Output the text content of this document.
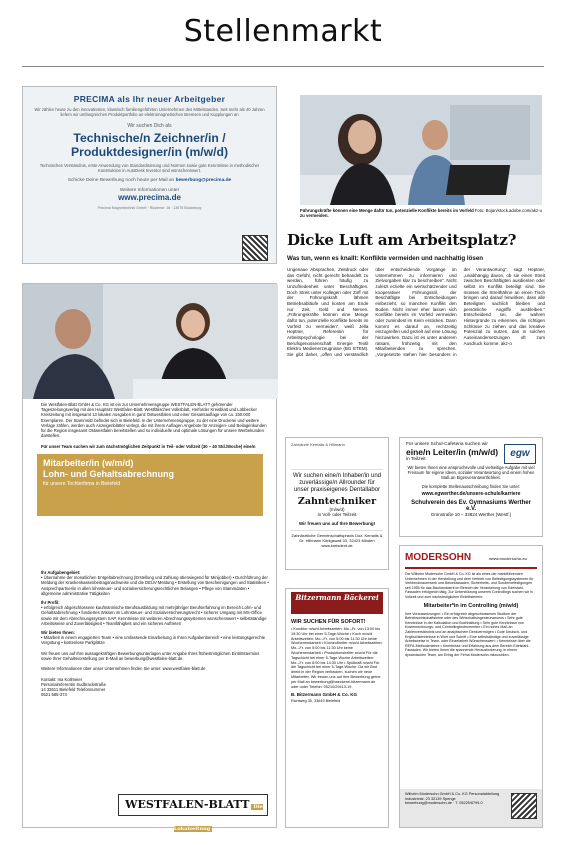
Stellenmarkt
PRECIMA als Ihr neuer Arbeitgeber
Wir zählen heute zu den innovativsten, klassisch familiengeführten Unternehmen des Mittelstandes. Seit mehr als 40 Jahren liefern wir umfangreiches Produktportfolio an elektromagnetischen Bremsen und Kupplungen an
Wir suchen Dich als
Technische/n Zeichner/in / Produktdesigner/in (m/w/d)
Technisches Verständnis, erste Anwendung von Standardisierung und Normen sowie gute Kenntnisse in methodischer Konstruktion in AutoDesk Inventor sind wünschenswert.
Schicke Deine Bewerbung noch heute per Mail an bewerbung@precima.de
Weitere Informationen unter
www.precima.de
Precima Magnettechnik GmbH · Rüsterstr. 16 · 13675 Bückeburg	Foto: Bojan/stock.adobe.com/akz-o
Führungskräfte können eine Menge dafür tun, potenzielle Konflikte bereits im Vorfeld zu vermeiden.
Dicke Luft am Arbeitsplatz?
Was tun, wenn es knallt: Konflikte vermeiden und nachhaltig lösen
Ungenaue Absprachen, Zeitdruck oder das Gefühl, nicht gerecht behandelt zu werden, führen häufig zu Unzufriedenheit unter Beschäftigten. Doch Streit unter Kollegen oder Zoff mit der Führungskraft lähmen Betriebsabläufe und kosten am Ende nur Zeit, Geld und Nerven. „Führungskräfte können eine Menge dafür tun, potenzielle Konflikte bereits im Vorfeld zu vermeiden“, weiß Jella Heptner, Referentin für Arbeitspsychologie bei der Berufsgenossenschaft Energie Textil Elektro Medienerzeugnisse (BG ETEM). Sie gibt daher, „offen und verständlich über entscheidende Vorgänge im Unternehmen zu informieren und Zielvorgaben klar zu beschreiben“. Nicht zuletzt erzielte ein wertschätzender und kooperativer Führungsstil, der Beschäftigte bei Entscheidungen einbezieht, so manchen Konflikt den Boden. Nicht immer eher lassen sich Konflikte bereits im Vorfeld vermeiden oder zumindest im Keim ersticken. Dann kommt es darauf an, rechtzeitig einzugreifen und gezielt auf eine Lösung hinzuwirken. Dazu ist es unter anderem ratsam, frühzeitig mit den Mitarbeitenden zu sprechen. „Vorgesetzte stehen hier besonders in der Verantwortung“, sagt Heptner, „unabhängig davon, ob sie einen Streit zwischen Beschäftigten ausdienten oder selbst im Konflikt beteiligt sind. Sie müssen die Streithähne an einen Tisch bringen und darauf hinwirken, dass alle Beteiligten sachlich bleiben und persönliche Angriffe ausbleiben.“ Entscheidend sei, die wahren Hintergründe zu erkennen, die richtigen Schlüsse zu ziehen und das kreative Potenzial zu nutzen, das in solchen Auseinandersetzungen oft zum Ausdruck komme. akz-o
Die Westfalen-Blatt GmbH & Co. KG ist ein zur Unternehmensgruppe WESTFALEN-BLATT gehörender Tageszeitungsverlag mit den Hauptsitz Westfalen-Blatt, Westfälisches Volksblatt, Herforder Kreisblatt und Lübbecker Kreiszeitung mit insgesamt 13 lokalen Ausgaben in ganz Ostwestfalen und einer Gesamtauflage von ca. 150.000 Exemplaren. Der Stammsitz befindet sich in Bielefeld. In der Unternehmensgruppe, zu der eine Druckerei und weitere Verlage zählen, werden auch Anzeigenblätter verlegt, die mit ihrem Auflagen Angebote für Anzeigen- und Beilagenkunden für die Region insgesamt Ostwestfalen bereitstellen und so individuelle und optimale Lösungen für unsere Werbekunden darstellen.

Für unser Team suchen wir zum nächstmöglichen Zeitpunkt in Teil- oder Vollzeit (30 – 40 Std./Woche) eine/n
Mitarbeiter/in (w/m/d)
Lohn- und Gehaltsabrechnung
für unsere Tochterfirma in Bielefeld
Ihr Aufgabengebiet:
• Übernahme der monatlichen Entgeltabrechnung (Erstellung und Zahlung überwiegend für Minijobber) • Durchführung der Meldung der Krankenkassenbeitragsnachweise und die DEÜV-Meldung • Erstellung von Bescheinigungen und Statistiken • Ansprechpartner/in in allen lohnsteuer- und sozialversicherungsrechtlichen Belangen • Pflege von Stammdaten • allgemeine administrative Tätigkeiten
Ihr Profil:
• erfolgreich abgeschlossene kaufmännische Berufsausbildung mit mehrjähriger Berufserfahrung im Bereich Lohn- und Gehaltsabrechnung • fundiertes Wissen im Lohnsteuer- und Sozialversicherungsrecht • sicherer Umgang mit MS-Office sowie mit dem Abrechnungssystem SAP, Kenntnisse mit weiteren Abrechnungssystemen wünschenswert • selbstständige Arbeitsweise und Zuverlässigkeit • Teamfähigkeit und ein sicheres Auftreten
Wir bieten Ihnen:
• Mitarbeit in einem engagierten Team • eine umfassende Einarbeitung in Ihren Aufgabenbereich • eine leistungsgerechte Vergütung • kostenlose Parkplätze

Wir freuen uns auf Ihre aussagekräftigen Bewerbungsunterlagen unter Angabe Ihres frühestmöglichen Eintrittstermins sowie Ihrer Gehaltsvorstellung per E-Mail an bewerbung@westfalen-blatt.de.

Weitere Informationen über unser Unternehmen finden Sie unter: www.westfalen-blatt.de

Kontakt: Ina Kollmeier Personalreferentin Sudbrackstraße 14 33611 Bielefeld Telefonnummer 0521 585-374
WESTFALEN-BLATT Die Lokalzeitung
Zahnärzte Kemalis & Hillmann
Wir suchen eine/n Inhaber/in und zuverlässige/n Allrounder für unser praxiseigenes Dentallabor
Zahntechniker
(m/w/d)
in Voll- oder Teilzeit
Wir freuen uns auf Ihre Bewerbung!
Zahnärztliche Gemeinschaftspraxis Doz. Kemalis & Dr. Hillmann Königswall 33, 32423 Minden www.kreisdent.de
Für unsere Schul-Cafeteria suchen wir
eine/n Leiter/in (m/w/d)
in Teilzeit
egw
Wir bieten Ihnen eine anspruchsvolle und vielseitige Aufgabe mit viel Freiraum für eigene Ideen, sozialer Verantwortung und einem hohen Maß an Eigenverantwortlichkeit.
Die komplette Stellenausschreibung finden Sie unter:
www.egwerther.de/unsere-schule/karriere
Schulverein des Ev. Gymnasiums Werther e.V.
Grünstraße 10 – 33824 Werther (Westf.)
Bitzermann Bäckerei
WIR SUCHEN FÜR SOFORT!
• Konditor m/w/d Arbeitszeiten: Mo.–Fr. von 13:00 bis 19:30 Uhr bei einer 5-Tage-Woche • Koch m/w/d Arbeitszeiten: Mo.–Fr. von 5:00 bis 11:30 Uhr keine Wochenendarbeit • Kücheufhelfer m/w/d Arbeitszeiten: Mo.–Fr. von 5:00 bis 11:30 Uhr keine Wochenendarbeit • Produktionshelfer m/w/d Für die Tagschicht bei einer 5-Tage-Woche Arbeitszeiten: Mo.–Fr. von 6:00 bis 14:30 Uhr • Spülkraft m/w/d Für die Tagschicht bei einer 5-Tage-Woche. Da wir Brot direkt in der Region verbacken, suchen wir neue Mitarbeiter. Wir freuen uns auf Ihre Bewerbung gerne per Mail an bewerbung@baeckerei-bitzermann.de oder unter Telefon: 05210/29413-19
B. Bitzermann GmbH & Co. KG
Richtweg 35, 33649 Bielefeld
MODERSOHN	www.modersohn.eu
Die Wilhelm Modersohn GmbH & Co. KG ist als eines der marktführenden Unternehmen in der Herstellung und dem Vertrieb von Befestigungssystemen für Verblendmauerwerk und Betonfassaden, Sicherheits- und Sonderbefestigungen seit 1955 für das Bauhandwerk im Bereich der Verankerung von Edelstahl-Fassaden erfolgreich tätig. Zur Unterstützung unseres Controllings suchen wir in Vollzeit und zum nächstmöglichen Eintrittstermin:
Mitarbeiter*in im Controlling (m/w/d)
Ihre Voraussetzungen: • Ein erfolgreich abgeschlossenes Studium der Betriebswirtschaftslehre oder des Wirtschaftsingenieurwesens • Sehr gute Kenntnisse in der Kalkulation und Buchhaltung • Sehr gute Kenntnisse von Kostenrechnungs- und Controllinginstrumenten • Ein hohes Maß an Zahlenverständnis und an analytischem Denkvermögen • Gute Deutsch- und Englischkenntnisse in Wort und Schrift • Eine selbstständige und zuverlässige Arbeitsweise in Team- oder Einzelarbeit Wünschenswert: • Kenntnisse über die REFA-Methodenlehre • Kenntnisse und Erfahrung aus dem Bereich Edelstahl-Fassaden. Wir bieten Ihnen die spannende Herausforderung, in einem dynamischen Team, am Erfolg der Firma Modersohn mitzuwirken.
Wilhelm Modersohn GmbH & Co. KG Personalabteilung Industriestr. 23 32139 Spenge bewerbung@modersohn.de · T. 05225/8799-0
